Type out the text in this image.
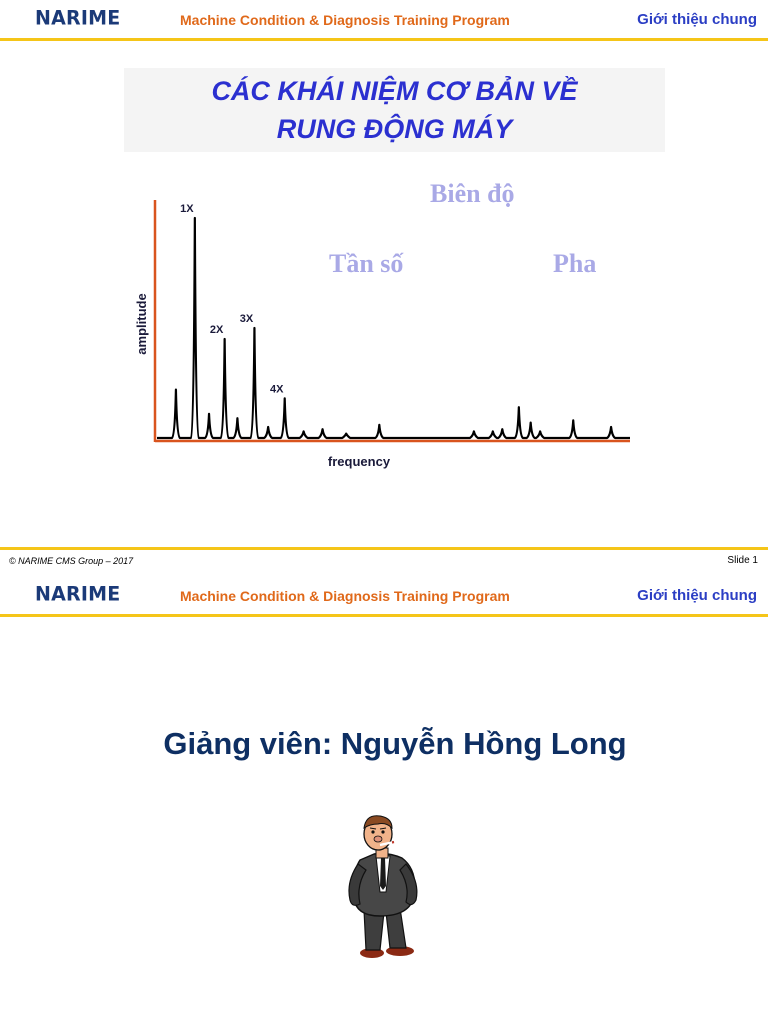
NARIME	Machine Condition & Diagnosis Training Program	Giới thiệu chung
CÁC KHÁI NIỆM CƠ BẢN VỀ
RUNG ĐỘNG MÁY
Biên độ
Tần số	Pha
1X
2X
3X
4X
amplitude
frequency
© NARIME CMS Group – 2017	Slide 1
NARIME	Machine Condition & Diagnosis Training Program	Giới thiệu chung
Giảng viên: Nguyễn Hồng Long
